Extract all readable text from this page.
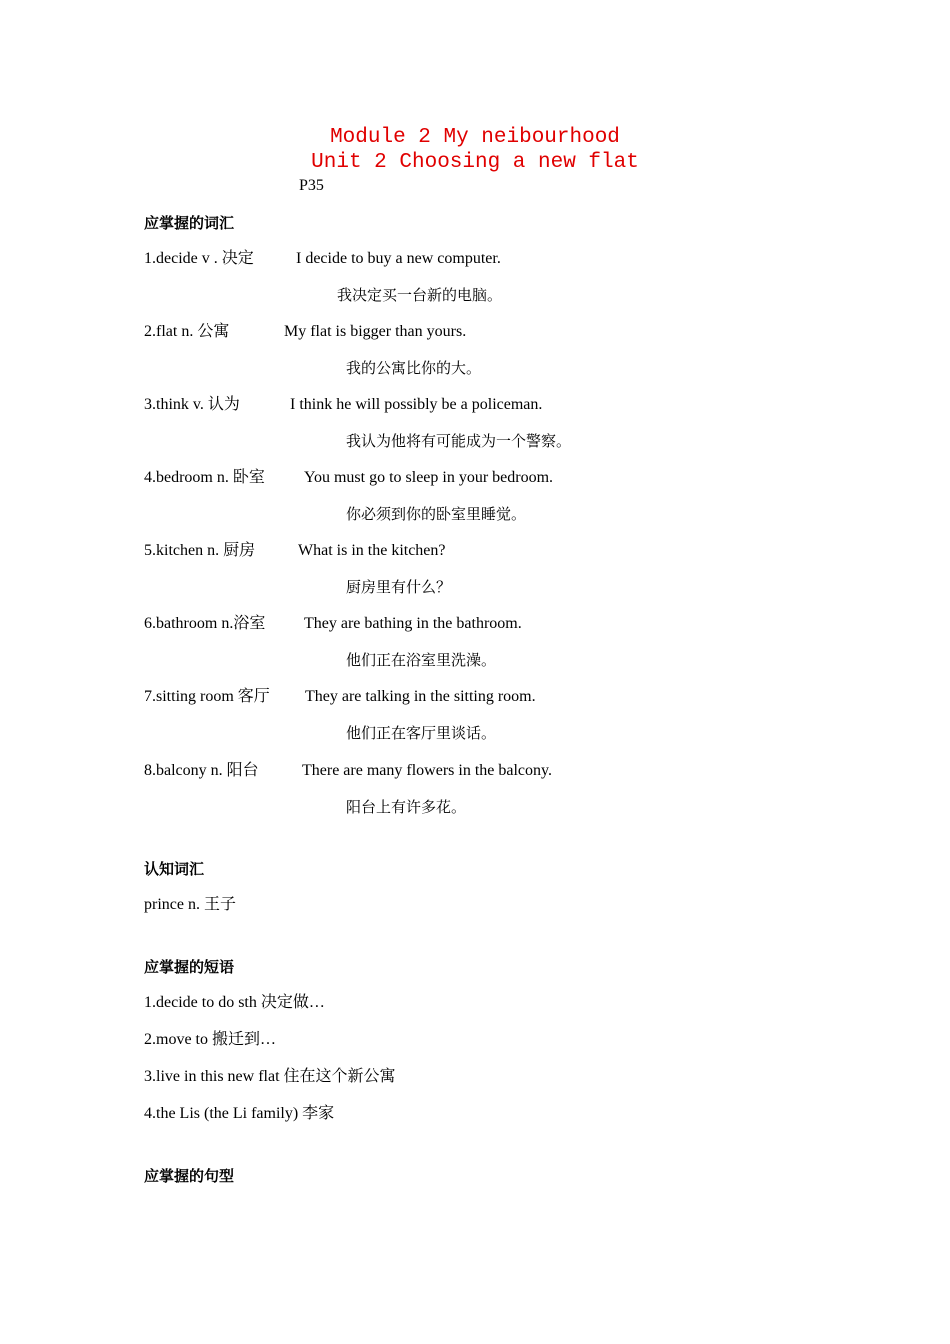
Module 2 My neibourhood
Unit 2 Choosing a new flat
P35
应掌握的词汇
1.decide v . 决定	I decide to buy a new computer.
我决定买一台新的电脑。
2.flat n. 公寓	My flat is bigger than yours.
我的公寓比你的大。
3.think v. 认为	I think he will possibly be a policeman.
我认为他将有可能成为一个警察。
4.bedroom n. 卧室 You must go to sleep in your bedroom.
你必须到你的卧室里睡觉。
5.kitchen n. 厨房	What is in the kitchen?
厨房里有什么？
6.bathroom n.浴室 They are bathing in the bathroom.
他们正在浴室里洗澡。
7.sitting room 客厅 They are talking in the sitting room.
他们正在客厅里谈话。
8.balcony n. 阳台	There are many flowers in the balcony.
阳台上有许多花。
认知词汇
prince n. 王子
应掌握的短语
1.decide to do sth 决定做…
2.move to 搬迁到…
3.live in this new flat 住在这个新公寓
4.the Lis (the Li family) 李家
应掌握的句型
